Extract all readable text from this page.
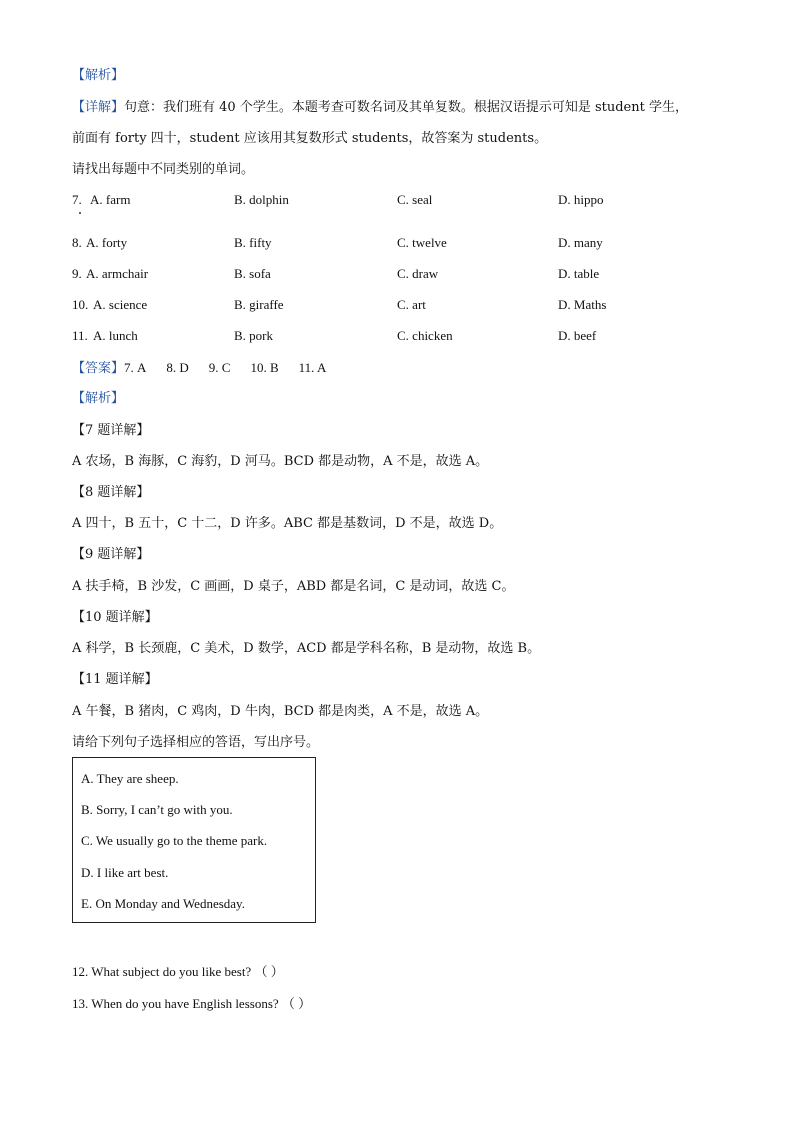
【解析】
【详解】句意：我们班有 40 个学生。本题考查可数名词及其单复数。根据汉语提示可知是 student 学生，
前面有 forty 四十，student 应该用其复数形式 students，故答案为 students。
请找出每题中不同类别的单词。
7. A. farm	B. dolphin	C. seal	D. hippo
8. A. forty	B. fifty	C. twelve	D. many
9. A. armchair	B. sofa	C. draw	D. table
10. A. science	B. giraffe	C. art	D. Maths
11. A. lunch	B. pork	C. chicken	D. beef
【答案】7. A 8. D 9. C 10. B 11. A
【解析】
【7 题详解】
A 农场，B 海豚，C 海豹，D 河马。BCD 都是动物，A 不是，故选 A。
【8 题详解】
A 四十，B 五十，C 十二，D 许多。ABC 都是基数词，D 不是，故选 D。
【9 题详解】
A 扶手椅，B 沙发，C 画画，D 桌子，ABD 都是名词，C 是动词，故选 C。
【10 题详解】
A 科学，B 长颈鹿，C 美术，D 数学，ACD 都是学科名称，B 是动物，故选 B。
【11 题详解】
A 午餐，B 猪肉，C 鸡肉，D 牛肉，BCD 都是肉类，A 不是，故选 A。
请给下列句子选择相应的答语，写出序号。
A. They are sheep.
B. Sorry, I can’t go with you.
C. We usually go to the theme park.
D. I like art best.
E. On Monday and Wednesday.
12. What subject do you like best? （ ）
13. When do you have English lessons? （ ）
